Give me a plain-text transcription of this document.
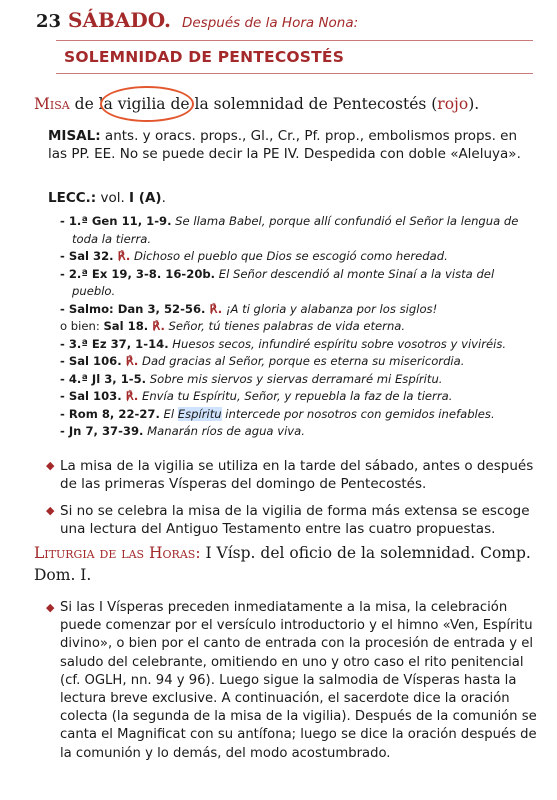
23 SÁBADO. Después de la Hora Nona:
SOLEMNIDAD DE PENTECOSTÉS
Misa de la vigilia de la solemnidad de Pentecostés (rojo).
MISAL: ants. y oracs. props., Gl., Cr., Pf. prop., embolismos props. en las PP. EE. No se puede decir la PE IV. Despedida con doble «Aleluya».
LECC.: vol. I (A).

- 1.ª Gen 11, 1-9. Se llama Babel, porque allí confundió el Señor la lengua de toda la tierra.

- Sal 32. ℟. Dichoso el pueblo que Dios se escogió como heredad.

- 2.ª Ex 19, 3-8. 16-20b. El Señor descendió al monte Sinaí a la vista del pueblo.

- Salmo: Dan 3, 52-56. ℟. ¡A ti gloria y alabanza por los siglos!

o bien: Sal 18. ℟. Señor, tú tienes palabras de vida eterna.

- 3.ª Ez 37, 1-14. Huesos secos, infundiré espíritu sobre vosotros y viviréis.

- Sal 106. ℟. Dad gracias al Señor, porque es eterna su misericordia.

- 4.ª Jl 3, 1-5. Sobre mis siervos y siervas derramaré mi Espíritu.

- Sal 103. ℟. Envía tu Espíritu, Señor, y repuebla la faz de la tierra.

- Rom 8, 22-27. El Espíritu intercede por nosotros con gemidos inefables.

- Jn 7, 37-39. Manarán ríos de agua viva.

◆ La misa de la vigilia se utiliza en la tarde del sábado, antes o después de las primeras Vísperas del domingo de Pentecostés.
◆ Si no se celebra la misa de la vigilia de forma más extensa se escoge una lectura del Antiguo Testamento entre las cuatro propuestas.
Liturgia de las Horas: I Vísp. del oficio de la solemnidad. Comp. Dom. I.
◆ Si las I Vísperas preceden inmediatamente a la misa, la celebración puede comenzar por el versículo introductorio y el himno «Ven, Espíritu divino», o bien por el canto de entrada con la procesión de entrada y el saludo del celebrante, omitiendo en uno y otro caso el rito penitencial (cf. OGLH, nn. 94 y 96). Luego sigue la salmodia de Vísperas hasta la lectura breve exclusive. A continuación, el sacerdote dice la oración colecta (la segunda de la misa de la vigilia). Después de la comunión se canta el Magnificat con su antífona; luego se dice la oración después de la comunión y lo demás, del modo acostumbrado.
